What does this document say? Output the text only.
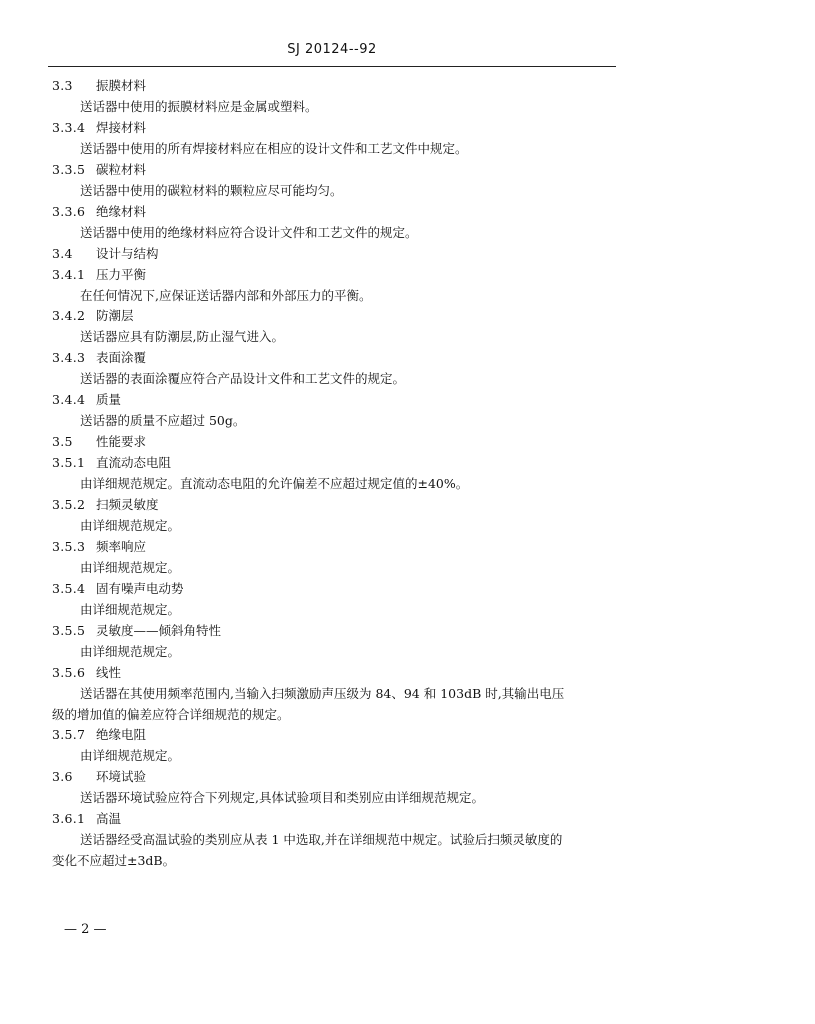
SJ 20124--92
3.3 振膜材料
送话器中使用的振膜材料应是金属或塑料。
3.3.4 焊接材料
送话器中使用的所有焊接材料应在相应的设计文件和工艺文件中规定。
3.3.5 碳粒材料
送话器中使用的碳粒材料的颗粒应尽可能均匀。
3.3.6 绝缘材料
送话器中使用的绝缘材料应符合设计文件和工艺文件的规定。
3.4 设计与结构
3.4.1 压力平衡
在任何情况下,应保证送话器内部和外部压力的平衡。
3.4.2 防潮层
送话器应具有防潮层,防止湿气进入。
3.4.3 表面涂覆
送话器的表面涂覆应符合产品设计文件和工艺文件的规定。
3.4.4 质量
送话器的质量不应超过 50g。
3.5 性能要求
3.5.1 直流动态电阻
由详细规范规定。直流动态电阻的允许偏差不应超过规定值的±40%。
3.5.2 扫频灵敏度
由详细规范规定。
3.5.3 频率响应
由详细规范规定。
3.5.4 固有噪声电动势
由详细规范规定。
3.5.5 灵敏度——倾斜角特性
由详细规范规定。
3.5.6 线性
送话器在其使用频率范围内,当输入扫频激励声压级为 84、94 和 103dB 时,其输出电压
级的增加值的偏差应符合详细规范的规定。
3.5.7 绝缘电阻
由详细规范规定。
3.6 环境试验
送话器环境试验应符合下列规定,具体试验项目和类别应由详细规范规定。
3.6.1 高温
送话器经受高温试验的类别应从表 1 中选取,并在详细规范中规定。试验后扫频灵敏度的
变化不应超过±3dB。
— 2 —
